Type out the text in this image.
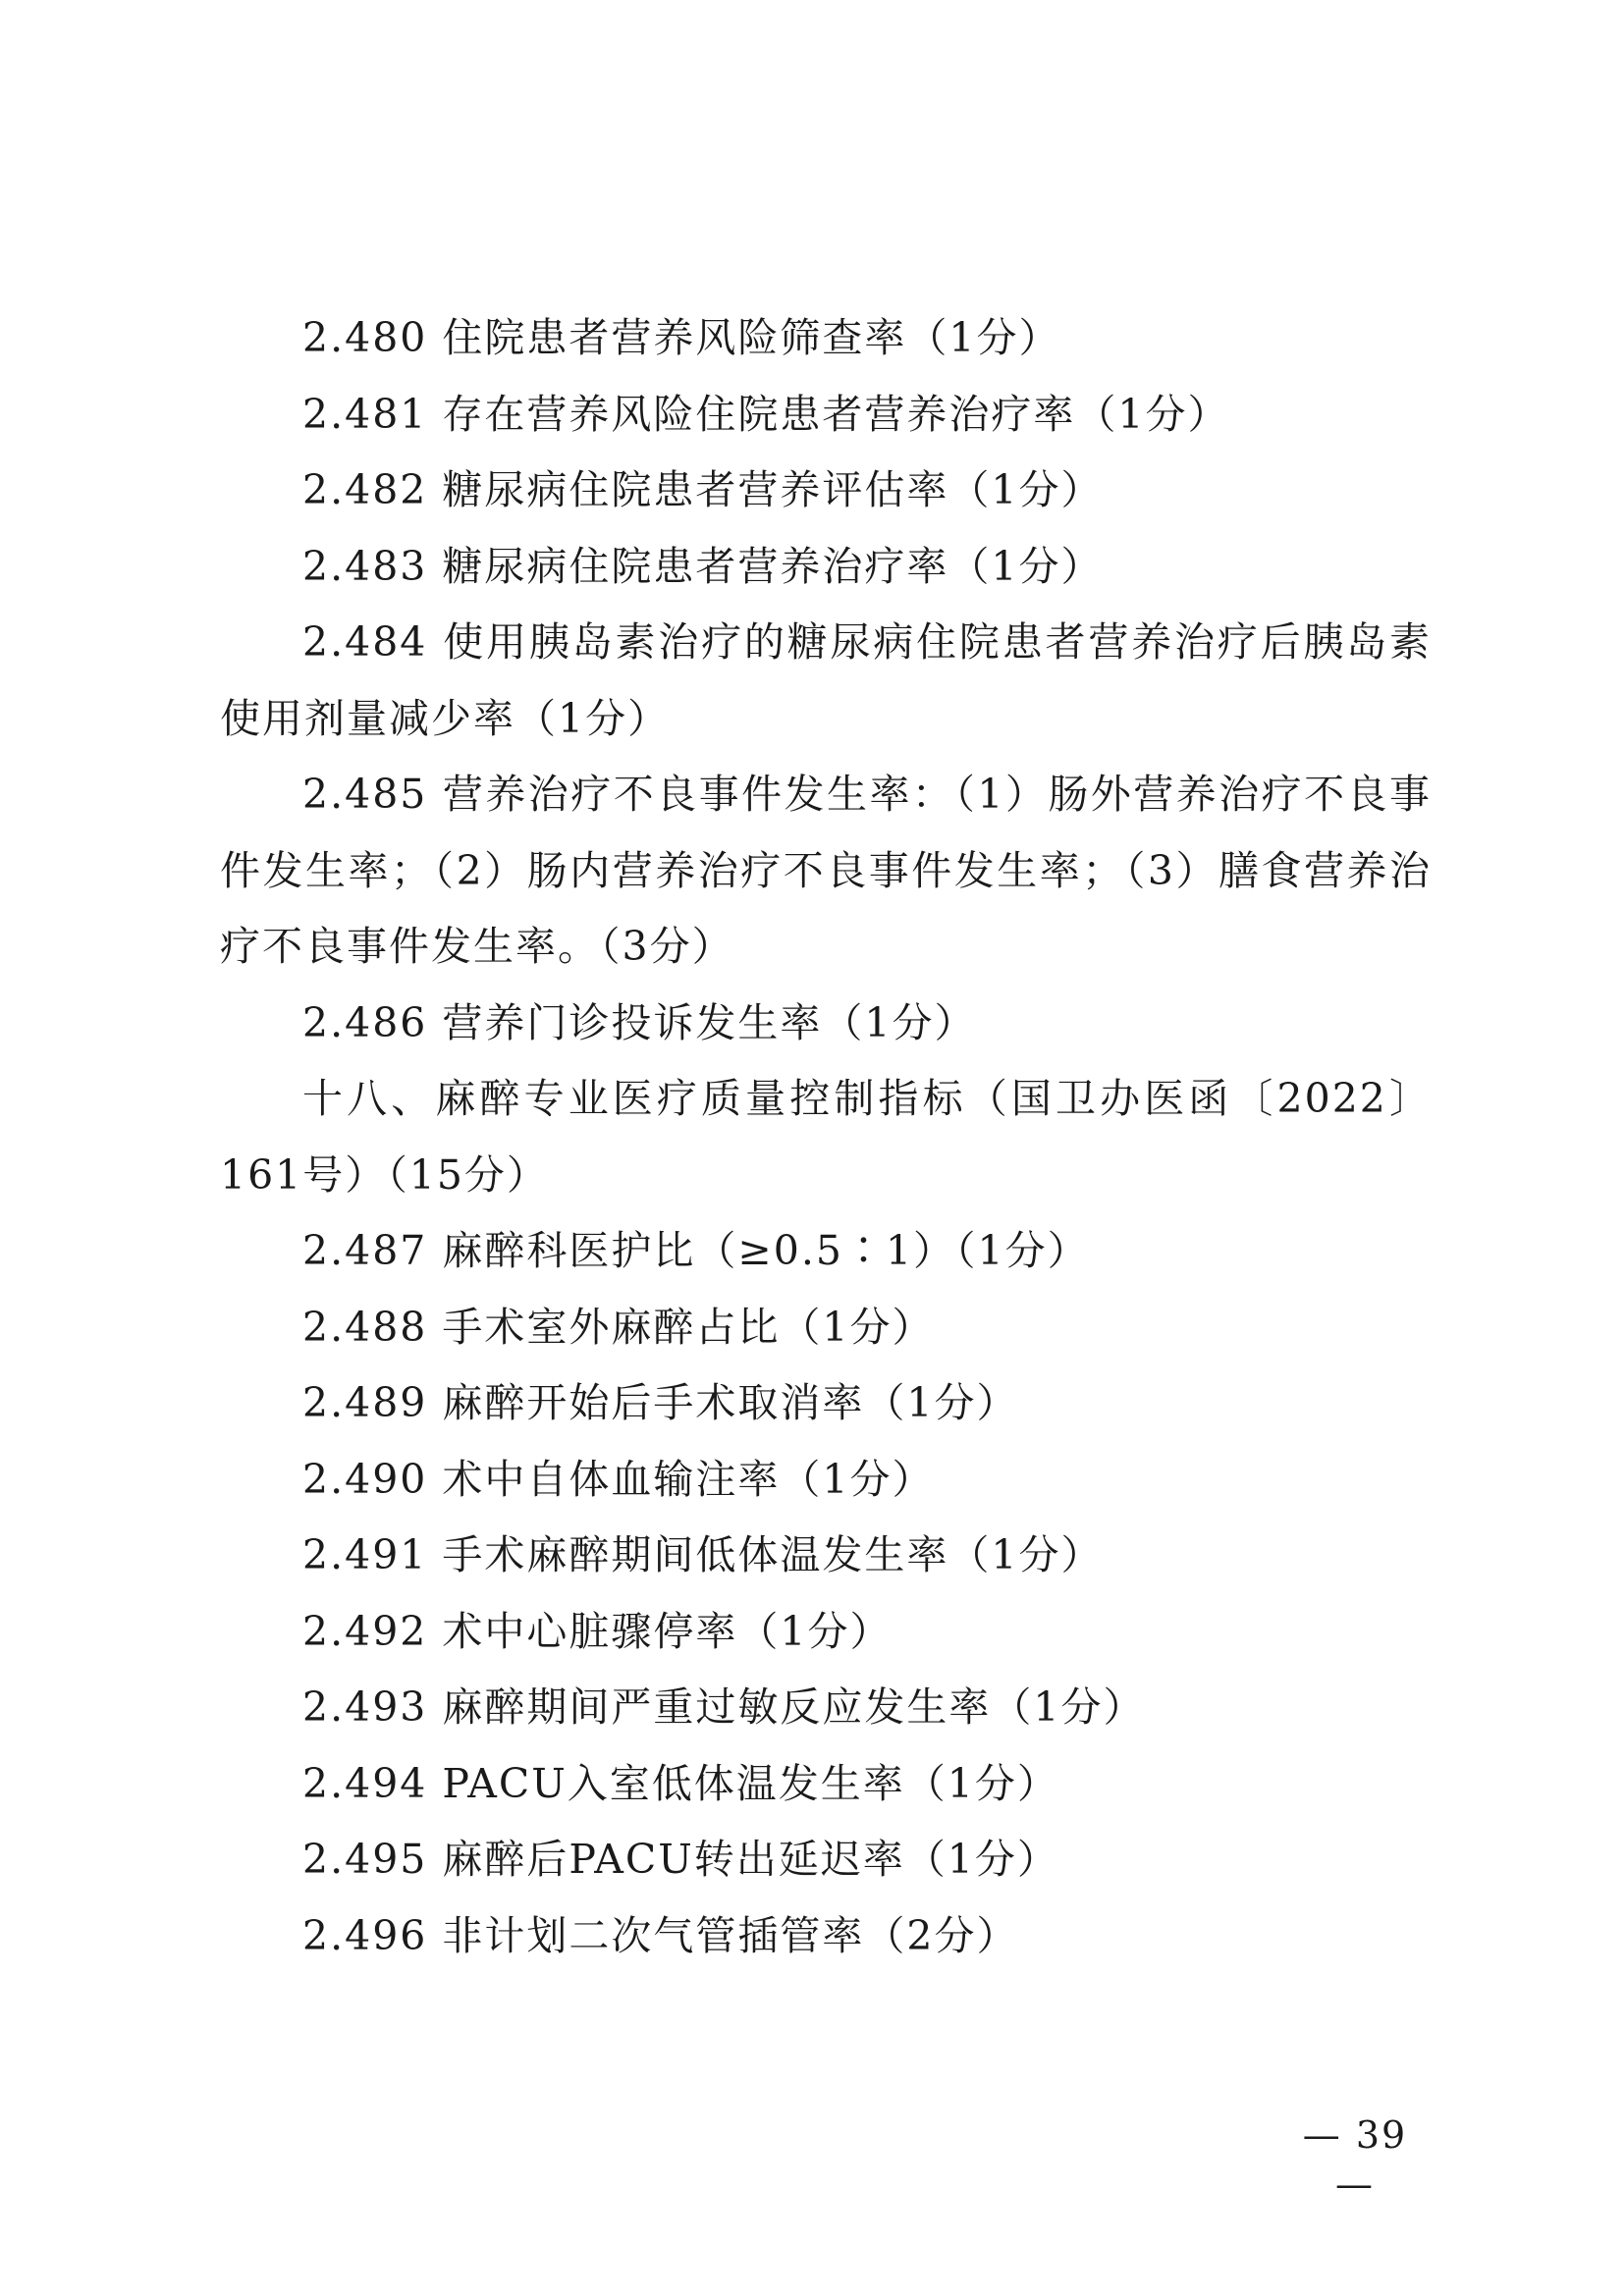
2.480 住院患者营养风险筛查率（1分）

2.481 存在营养风险住院患者营养治疗率（1分）

2.482 糖尿病住院患者营养评估率（1分）

2.483 糖尿病住院患者营养治疗率（1分）

2.484 使用胰岛素治疗的糖尿病住院患者营养治疗后胰岛素使用剂量减少率（1分）

2.485 营养治疗不良事件发生率：（1）肠外营养治疗不良事件发生率；（2）肠内营养治疗不良事件发生率；（3）膳食营养治疗不良事件发生率。（3分）

2.486 营养门诊投诉发生率（1分）

十八、麻醉专业医疗质量控制指标（国卫办医函〔2022〕161号）（15分）

2.487 麻醉科医护比（≥0.5∶1）（1分）

2.488 手术室外麻醉占比（1分）

2.489 麻醉开始后手术取消率（1分）

2.490 术中自体血输注率（1分）

2.491 手术麻醉期间低体温发生率（1分）

2.492 术中心脏骤停率（1分）

2.493 麻醉期间严重过敏反应发生率（1分）

2.494 PACU入室低体温发生率（1分）

2.495 麻醉后PACU转出延迟率（1分）

2.496 非计划二次气管插管率（2分）

— 39 —
